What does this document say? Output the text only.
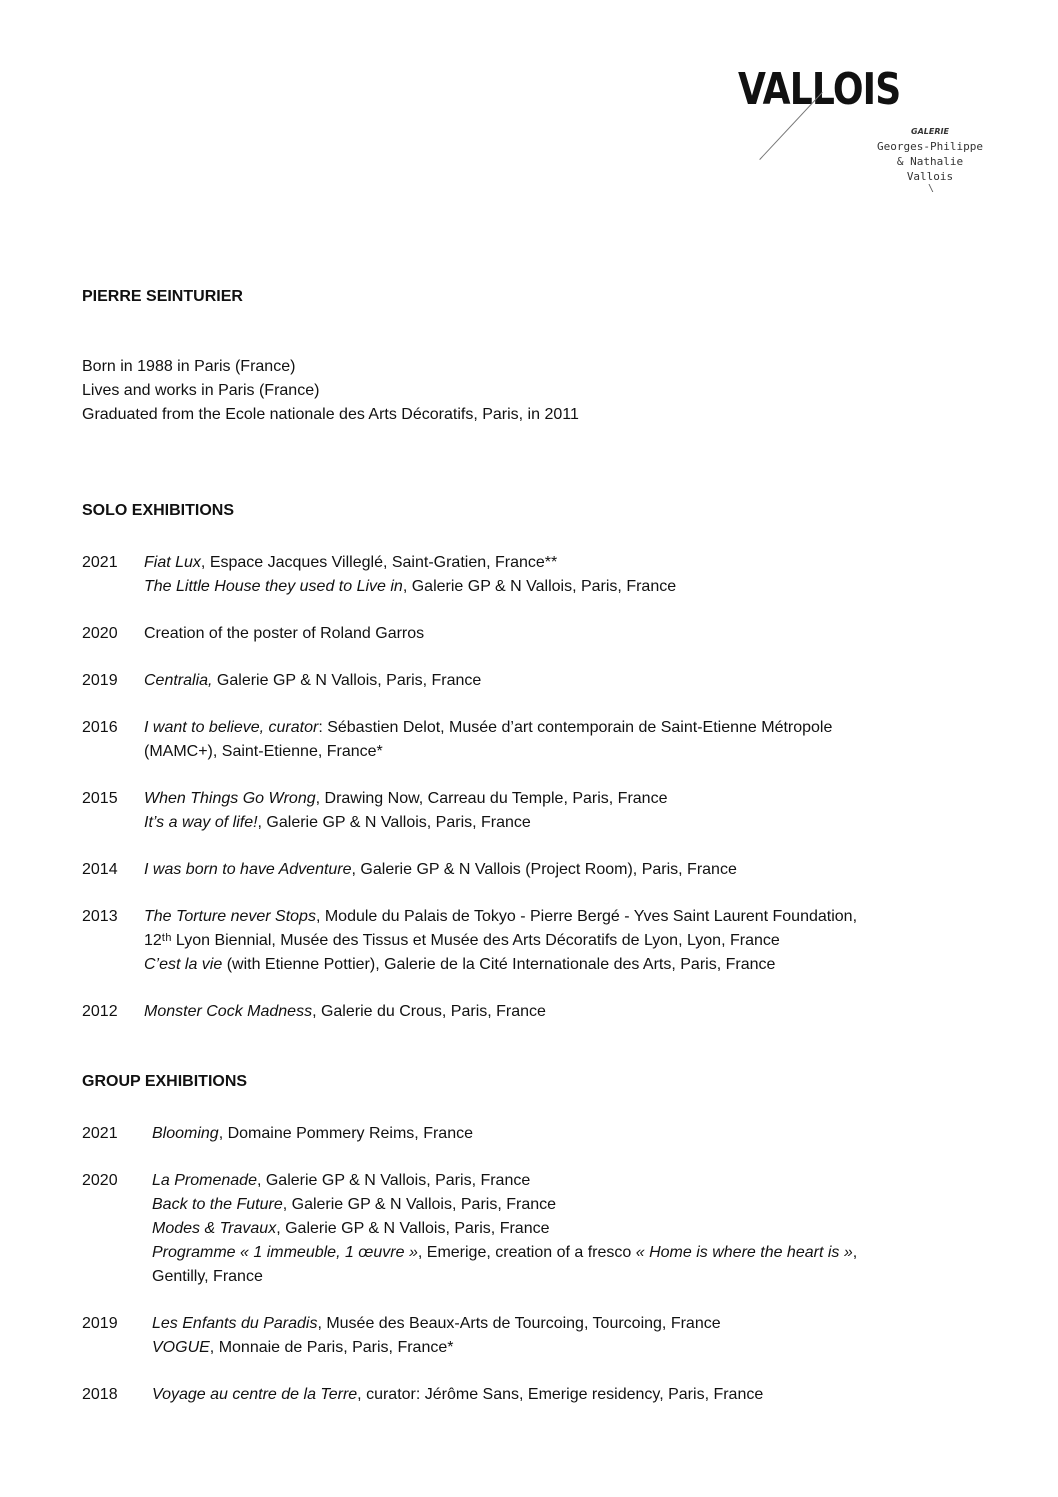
VALLOIS
GALERIE
Georges-Philippe
& Nathalie
Vallois
\
PIERRE SEINTURIER

Born in 1988 in Paris (France)

Lives and works in Paris (France)

Graduated from the Ecole nationale des Arts Décoratifs, Paris, in 2011

SOLO EXHIBITIONS
2021	Fiat Lux, Espace Jacques Villeglé, Saint-Gratien, France**
The Little House they used to Live in, Galerie GP & N Vallois, Paris, France
2020	Creation of the poster of Roland Garros
2019	Centralia, Galerie GP & N Vallois, Paris, France
2016	I want to believe, curator: Sébastien Delot, Musée d’art contemporain de Saint-Etienne Métropole
(MAMC+), Saint-Etienne, France*
2015	When Things Go Wrong, Drawing Now, Carreau du Temple, Paris, France
It’s a way of life!, Galerie GP & N Vallois, Paris, France
2014	I was born to have Adventure, Galerie GP & N Vallois (Project Room), Paris, France
2013	The Torture never Stops, Module du Palais de Tokyo - Pierre Bergé - Yves Saint Laurent Foundation,
12ᵗʰ Lyon Biennial, Musée des Tissus et Musée des Arts Décoratifs de Lyon, Lyon, France
C’est la vie (with Etienne Pottier), Galerie de la Cité Internationale des Arts, Paris, France
2012	Monster Cock Madness, Galerie du Crous, Paris, France
GROUP EXHIBITIONS
2021	Blooming, Domaine Pommery Reims, France
2020	La Promenade, Galerie GP & N Vallois, Paris, France
Back to the Future, Galerie GP & N Vallois, Paris, France
Modes & Travaux, Galerie GP & N Vallois, Paris, France
Programme « 1 immeuble, 1 œuvre », Emerige, creation of a fresco « Home is where the heart is »,
Gentilly, France
2019	Les Enfants du Paradis, Musée des Beaux-Arts de Tourcoing, Tourcoing, France
VOGUE, Monnaie de Paris, Paris, France*
2018	Voyage au centre de la Terre, curator: Jérôme Sans, Emerige residency, Paris, France
